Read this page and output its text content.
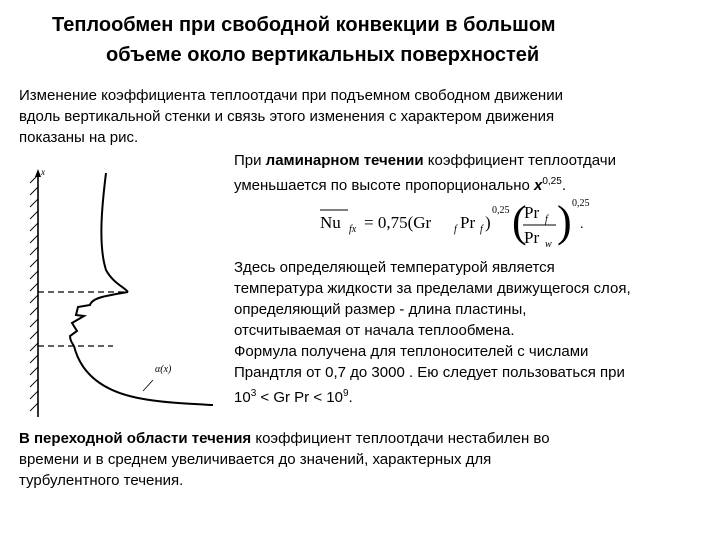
Теплообмен при свободной конвекции в большом
объеме около вертикальных поверхностей
Изменение коэффициента теплоотдачи при подъемном свободном движении
вдоль вертикальной стенки и связь этого изменения с характером движения
показаны на рис.
x
α(x)
При ламинарном течении коэффициент теплоотдачи
уменьшается по высоте пропорционально $x^{0,25}$.
Nu fx = 0,75(Gr f Pr f )
0,25 (
Pr f
Pr w ) 0,25
.
Здесь определяющей температурой является
температура жидкости за пределами движущегося слоя,
определяющий размер - длина пластины,
отсчитываемая от начала теплообмена.
Формула получена для теплоносителей с числами
Прандтля от 0,7 до 3000 . Ею следует пользоваться при
$10^3 < Gr$ $Pr < 10^9$.
В переходной области течения коэффициент теплоотдачи нестабилен во
времени и в среднем увеличивается до значений, характерных для
турбулентного течения.
